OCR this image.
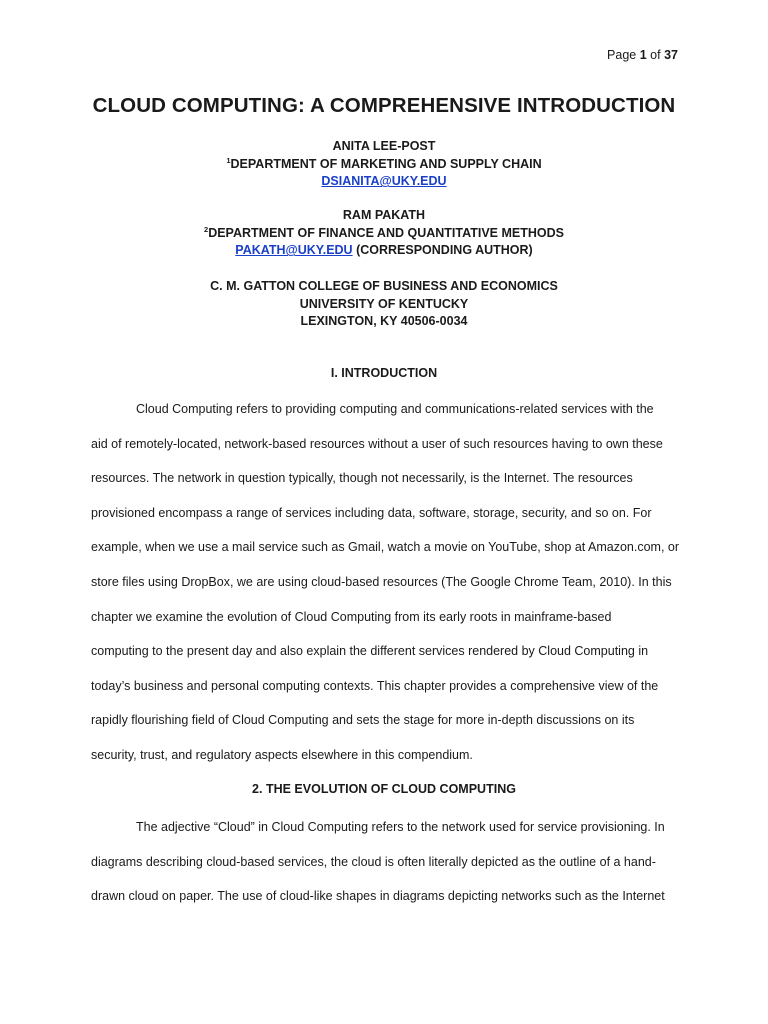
Page 1 of 37
CLOUD COMPUTING: A COMPREHENSIVE INTRODUCTION
ANITA LEE-POST
$^1$DEPARTMENT OF MARKETING AND SUPPLY CHAIN
DSIANITA@UKY.EDU
RAM PAKATH
$^2$DEPARTMENT OF FINANCE AND QUANTITATIVE METHODS
PAKATH@UKY.EDU (CORRESPONDING AUTHOR)
C. M. GATTON COLLEGE OF BUSINESS AND ECONOMICS
UNIVERSITY OF KENTUCKY
LEXINGTON, KY 40506-0034
I. INTRODUCTION
Cloud Computing refers to providing computing and communications-related services with the
aid of remotely-located, network-based resources without a user of such resources having to own these
resources. The network in question typically, though not necessarily, is the Internet. The resources
provisioned encompass a range of services including data, software, storage, security, and so on. For
example, when we use a mail service such as Gmail, watch a movie on YouTube, shop at Amazon.com, or
store files using DropBox, we are using cloud-based resources (The Google Chrome Team, 2010). In this
chapter we examine the evolution of Cloud Computing from its early roots in mainframe-based
computing to the present day and also explain the different services rendered by Cloud Computing in
today’s business and personal computing contexts. This chapter provides a comprehensive view of the
rapidly flourishing field of Cloud Computing and sets the stage for more in-depth discussions on its
security, trust, and regulatory aspects elsewhere in this compendium.
2. THE EVOLUTION OF CLOUD COMPUTING
The adjective “Cloud” in Cloud Computing refers to the network used for service provisioning. In
diagrams describing cloud-based services, the cloud is often literally depicted as the outline of a hand-
drawn cloud on paper. The use of cloud-like shapes in diagrams depicting networks such as the Internet
